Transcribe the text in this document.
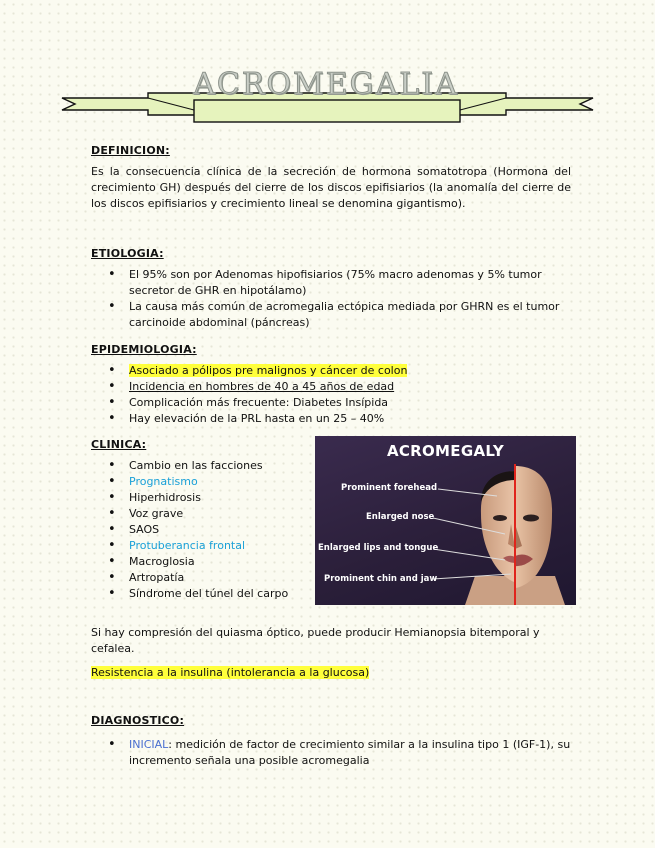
ACROMEGALIA
DEFINICION:
Es la consecuencia clínica de la secreción de hormona somatotropa (Hormona del crecimiento GH) después del cierre de los discos epifisiarios (la anomalía del cierre de los discos epifisiarios y crecimiento lineal se denomina gigantismo).
ETIOLOGIA:
• El 95% son por Adenomas hipofisiarios (75% macro adenomas y 5% tumor secretor de GHR en hipotálamo)
• La causa más común de acromegalia ectópica mediada por GHRN es el tumor carcinoide abdominal (páncreas)
EPIDEMIOLOGIA:
• Asociado a pólipos pre malignos y cáncer de colon
• Incidencia en hombres de 40 a 45 años de edad
• Complicación más frecuente: Diabetes Insípida
• Hay elevación de la PRL hasta en un 25 – 40%
CLINICA:
• Cambio en las facciones
• Prognatismo
• Hiperhidrosis
• Voz grave
• SAOS
• Protuberancia frontal
• Macroglosia
• Artropatía
• Síndrome del túnel del carpo
ACROMEGALY
Prominent forehead
Enlarged nose
Enlarged lips and tongue
Prominent chin and jaw
Si hay compresión del quiasma óptico, puede producir Hemianopsia bitemporal y cefalea.
Resistencia a la insulina (intolerancia a la glucosa)
DIAGNOSTICO:
• INICIAL: medición de factor de crecimiento similar a la insulina tipo 1 (IGF-1), su incremento señala una posible acromegalia
